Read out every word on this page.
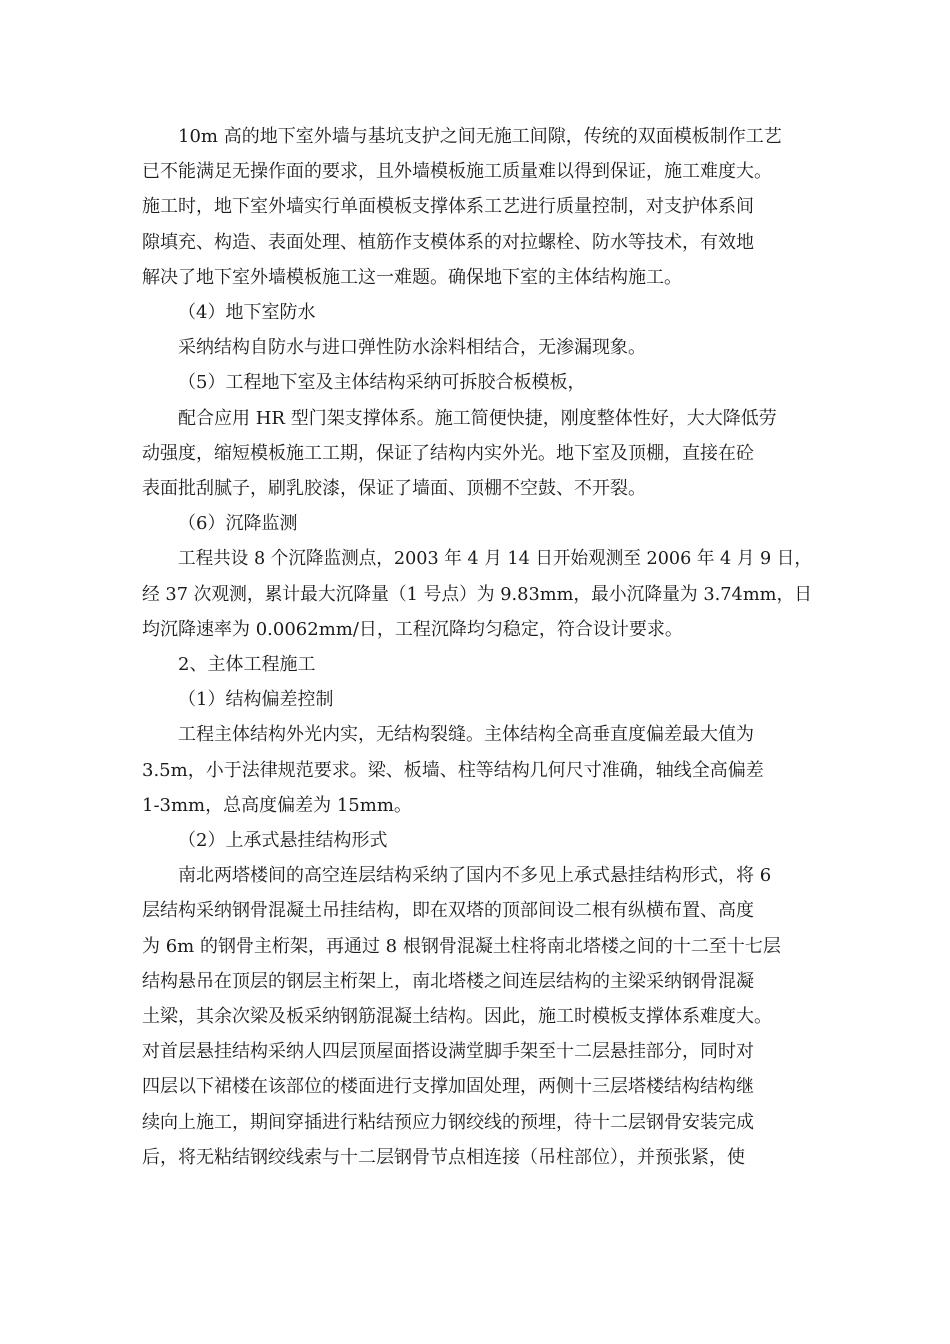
10m 高的地下室外墙与基坑支护之间无施工间隙，传统的双面模板制作工艺
已不能满足无操作面的要求，且外墙模板施工质量难以得到保证，施工难度大。
施工时，地下室外墙实行单面模板支撑体系工艺进行质量控制，对支护体系间
隙填充、构造、表面处理、植筋作支模体系的对拉螺栓、防水等技术，有效地
解决了地下室外墙模板施工这一难题。确保地下室的主体结构施工。
（4）地下室防水
采纳结构自防水与进口弹性防水涂料相结合，无渗漏现象。
（5）工程地下室及主体结构采纳可拆胶合板模板，
配合应用 HR 型门架支撑体系。施工简便快捷，刚度整体性好，大大降低劳
动强度，缩短模板施工工期，保证了结构内实外光。地下室及顶棚，直接在砼
表面批刮腻子，刷乳胶漆，保证了墙面、顶棚不空鼓、不开裂。
（6）沉降监测
工程共设 8 个沉降监测点，2003 年 4 月 14 日开始观测至 2006 年 4 月 9 日，
经 37 次观测，累计最大沉降量（1 号点）为 9.83mm，最小沉降量为 3.74mm，日
均沉降速率为 0.0062mm/日，工程沉降均匀稳定，符合设计要求。
2、主体工程施工
（1）结构偏差控制
工程主体结构外光内实，无结构裂缝。主体结构全高垂直度偏差最大值为
3.5m，小于法律规范要求。梁、板墙、柱等结构几何尺寸准确，轴线全高偏差
1-3mm，总高度偏差为 15mm。
（2）上承式悬挂结构形式
南北两塔楼间的高空连层结构采纳了国内不多见上承式悬挂结构形式，将 6
层结构采纳钢骨混凝土吊挂结构，即在双塔的顶部间设二根有纵横布置、高度
为 6m 的钢骨主桁架，再通过 8 根钢骨混凝土柱将南北塔楼之间的十二至十七层
结构悬吊在顶层的钢层主桁架上，南北塔楼之间连层结构的主梁采纳钢骨混凝
土梁，其余次梁及板采纳钢筋混凝土结构。因此，施工时模板支撑体系难度大。
对首层悬挂结构采纳人四层顶屋面搭设满堂脚手架至十二层悬挂部分，同时对
四层以下裙楼在该部位的楼面进行支撑加固处理，两侧十三层塔楼结构结构继
续向上施工，期间穿插进行粘结预应力钢绞线的预埋，待十二层钢骨安装完成
后，将无粘结钢绞线索与十二层钢骨节点相连接（吊柱部位），并预张紧，使
